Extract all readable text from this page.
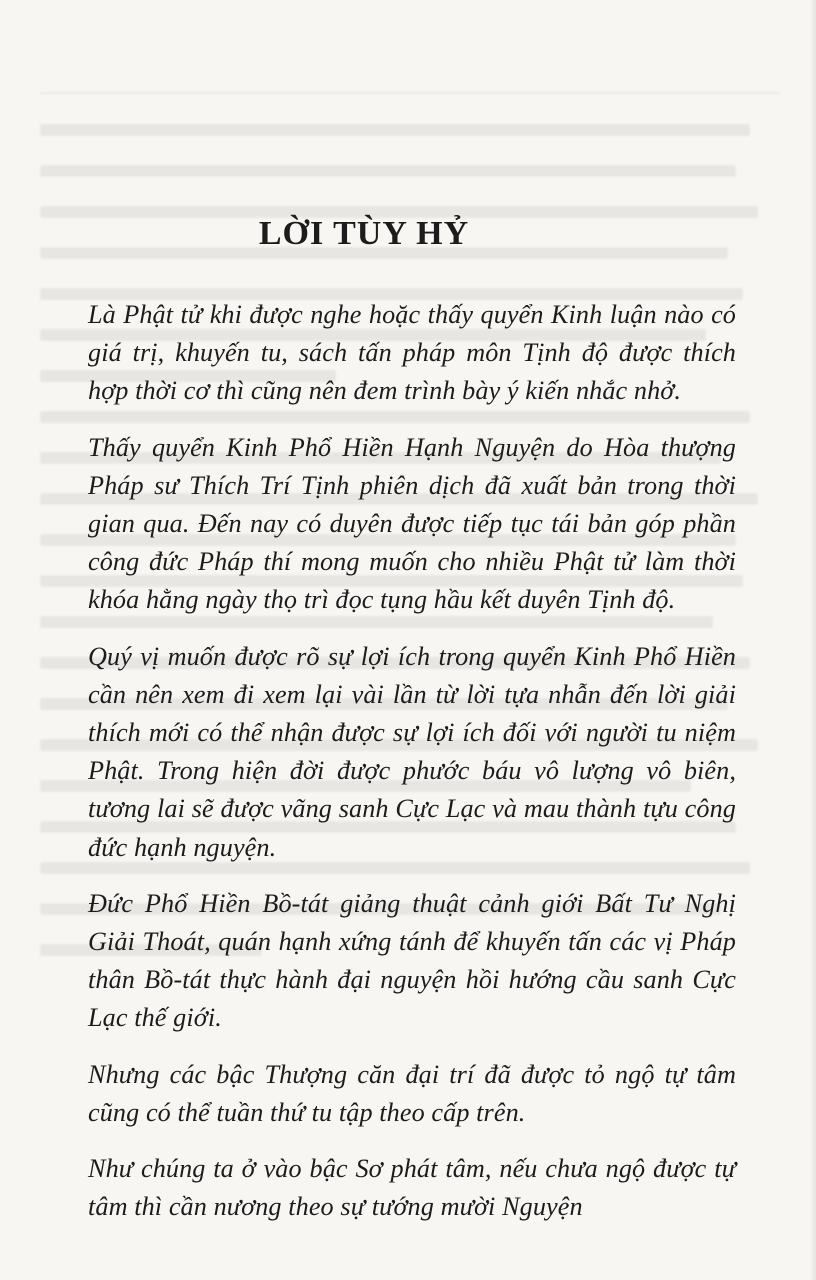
LỜI TÙY HỶ

Là Phật tử khi được nghe hoặc thấy quyển Kinh luận nào có giá trị, khuyến tu, sách tấn pháp môn Tịnh độ được thích hợp thời cơ thì cũng nên đem trình bày ý kiến nhắc nhở.

Thấy quyển Kinh Phổ Hiền Hạnh Nguyện do Hòa thượng Pháp sư Thích Trí Tịnh phiên dịch đã xuất bản trong thời gian qua. Đến nay có duyên được tiếp tục tái bản góp phần công đức Pháp thí mong muốn cho nhiều Phật tử làm thời khóa hằng ngày thọ trì đọc tụng hầu kết duyên Tịnh độ.

Quý vị muốn được rõ sự lợi ích trong quyển Kinh Phổ Hiền cần nên xem đi xem lại vài lần từ lời tựa nhẫn đến lời giải thích mới có thể nhận được sự lợi ích đối với người tu niệm Phật. Trong hiện đời được phước báu vô lượng vô biên, tương lai sẽ được vãng sanh Cực Lạc và mau thành tựu công đức hạnh nguyện.

Đức Phổ Hiền Bồ-tát giảng thuật cảnh giới Bất Tư Nghị Giải Thoát, quán hạnh xứng tánh để khuyến tấn các vị Pháp thân Bồ-tát thực hành đại nguyện hồi hướng cầu sanh Cực Lạc thế giới.

Nhưng các bậc Thượng căn đại trí đã được tỏ ngộ tự tâm cũng có thể tuần thứ tu tập theo cấp trên.

Như chúng ta ở vào bậc Sơ phát tâm, nếu chưa ngộ được tự tâm thì cần nương theo sự tướng mười Nguyện
